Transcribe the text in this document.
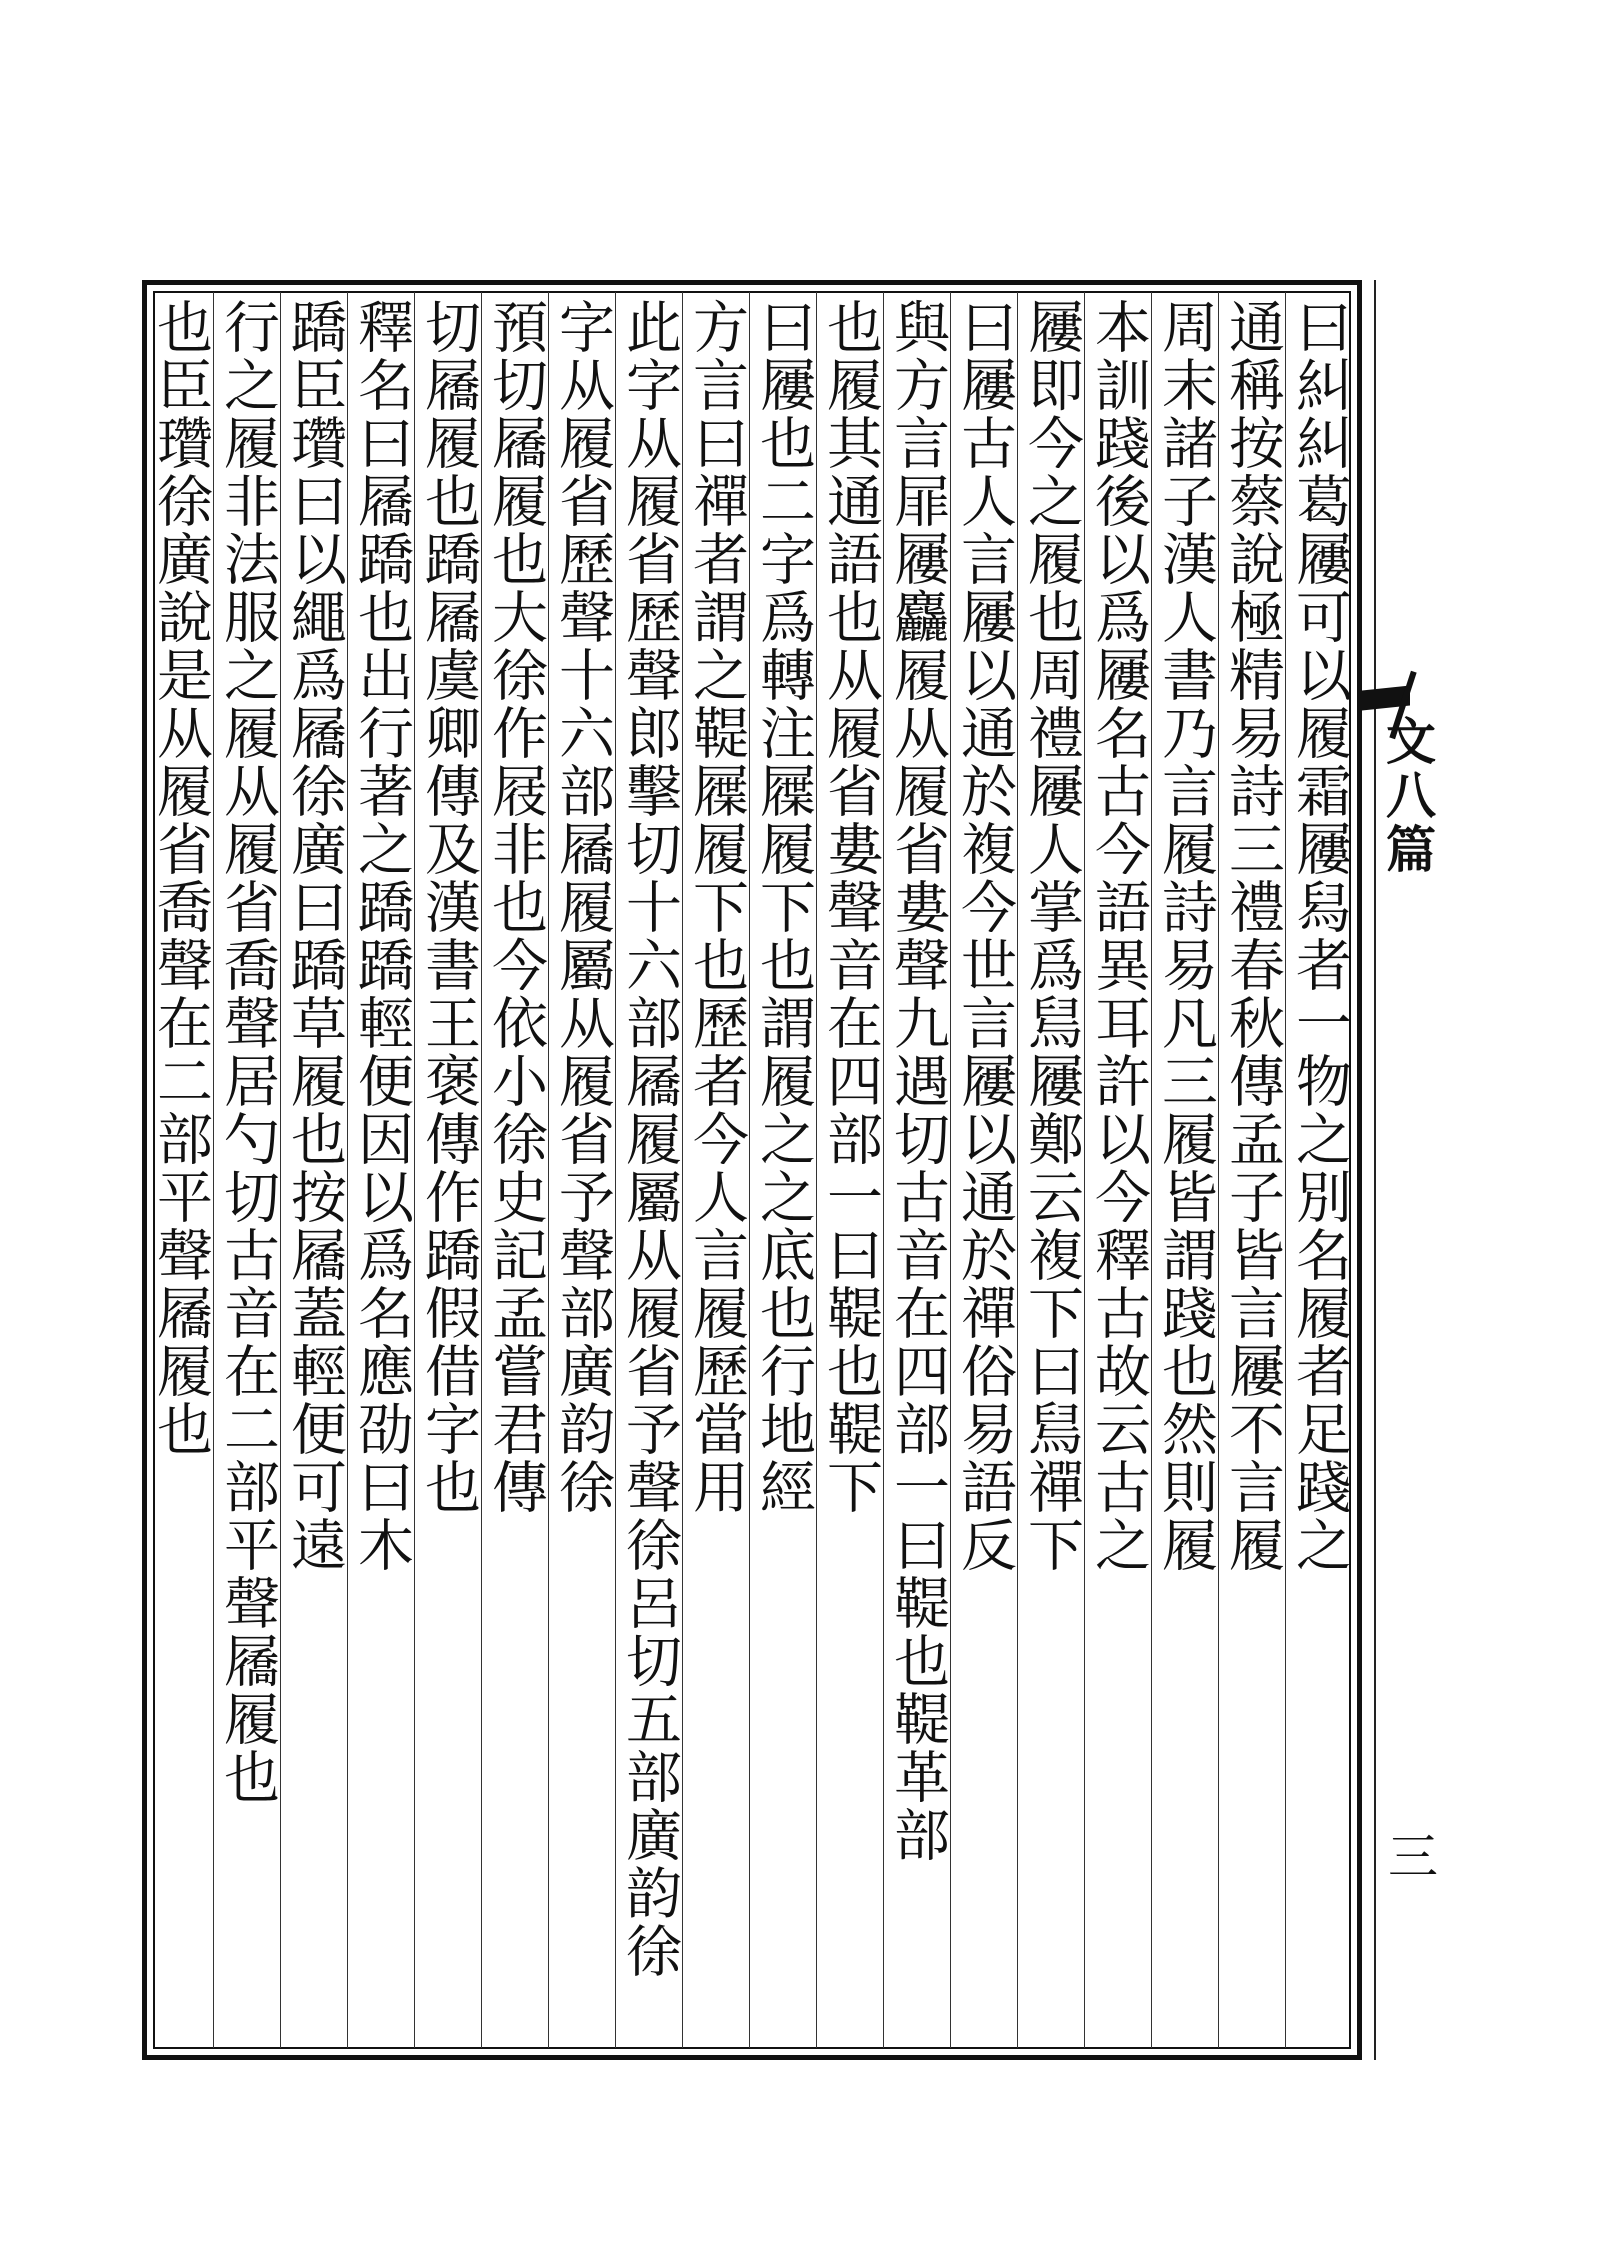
文八篇
三
曰糾糾葛屨可以履霜屨舄者一物之別名履者足踐之
通稱按蔡說極精易詩三禮春秋傳孟子皆言屨不言履
周末諸子漢人書乃言履詩易凡三履皆謂踐也然則履
本訓踐後以爲屨名古今語異耳許以今釋古故云古之
屨即今之履也周禮屨人掌爲舃屨鄭云複下曰舃禪下
曰屨古人言屨以通於複今世言屨以通於禪俗易語反
與方言屝屨麤履从履省婁聲九遇切古音在四部一曰鞮也鞮革部
也履其通語也从履省婁聲音在四部一曰鞮也鞮下
曰屨也二字爲轉注屧履下也謂履之之底也行地經
方言曰禪者謂之鞮屧履下也歷者今人言履歷當用
此字从履省歷聲郎擊切十六部屩履屬从履省予聲徐呂切五部廣韵徐
字从履省歷聲十六部屩履屬从履省予聲部廣韵徐
預切屩履也大徐作屐非也今依小徐史記孟嘗君傳
切屩履也蹻屩虞卿傳及漢書王褒傳作蹻假借字也
釋名曰屩蹻也出行著之蹻蹻輕便因以爲名應劭曰木
蹻臣瓚曰以繩爲屩徐廣曰蹻草履也按屩蓋輕便可遠
行之履非法服之履从履省喬聲居勺切古音在二部平聲屩履也
也臣瓚徐廣說是从履省喬聲在二部平聲屩履也
